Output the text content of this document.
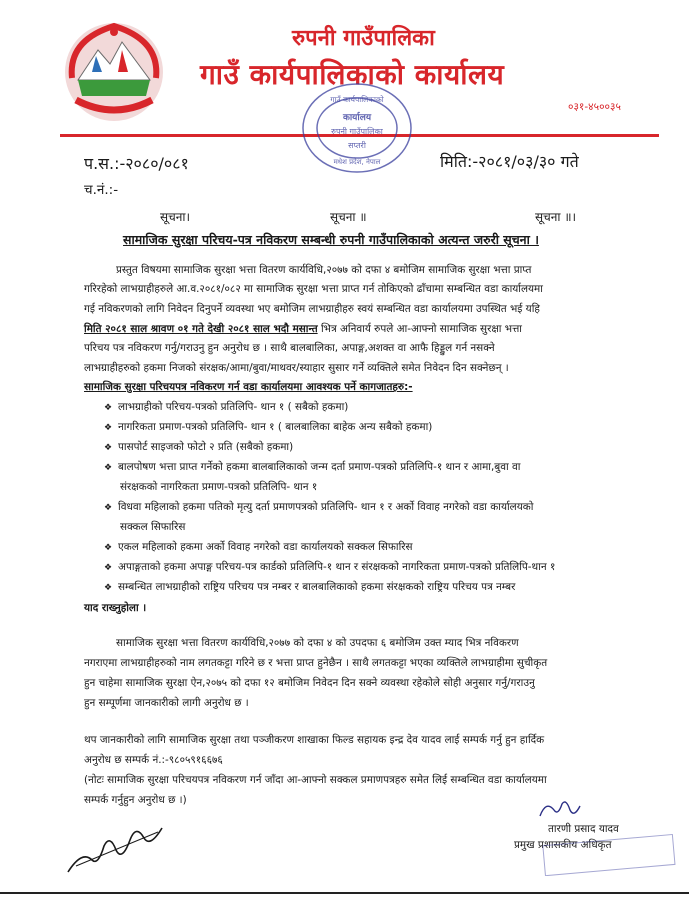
रुपनी गाउँपालिका
गाउँ कार्यपालिकाको कार्यालय
०३१-४५००३५
गाउँ कार्यपालिकाको
कार्यालय
रुपनी गाउँपालिका
सप्तरी
मधेश प्रदेश, नेपाल
प.स.:-२०८०/०८१	मिति:-२०८१/०३/३० गते
च.नं.:-
सूचना।	सूचना ॥	सूचना ॥।
सामाजिक सुरक्षा परिचय-पत्र नविकरण सम्बन्धी रुपनी गाउँपालिकाको अत्यन्त जरुरी सूचना ।
प्रस्तुत विषयमा सामाजिक सुरक्षा भत्ता वितरण कार्यविधि,२०७७ को दफा ४ बमोजिम सामाजिक सुरक्षा भत्ता प्राप्त
गरिरहेको लाभग्राहीहरुले आ.व.२०८१/०८२ मा सामाजिक सुरक्षा भत्ता प्राप्त गर्न तोकिएको ढाँचामा सम्बन्धित वडा कार्यालयमा
गई नविकरणको लागि निवेदन दिनुपर्ने व्यवस्था भए बमोजिम लाभग्राहीहरु स्वयं सम्बन्धित वडा कार्यालयमा उपस्थित भई यहि
मिति २०८१ साल श्रावण ०१ गते देखी २०८१ साल भदौ मसान्त भित्र अनिवार्य रुपले आ-आफ्नो सामाजिक सुरक्षा भत्ता
परिचय पत्र नविकरण गर्नु/गराउनु हुन अनुरोध छ । साथै बालबालिका, अपाङ्ग,अशक्त वा आफै हिड्डुल गर्न नसक्ने
लाभग्राहीहरुको हकमा निजको संरक्षक/आमा/बुवा/माथवर/स्याहार सुसार गर्ने व्यक्तिले समेत निवेदन दिन सक्नेछन् ।
सामाजिक सुरक्षा परिचयपत्र नविकरण गर्न वडा कार्यालयमा आवश्यक पर्ने कागजातहरु:-
❖ लाभग्राहीको परिचय-पत्रको प्रतिलिपि- थान १ ( सबैको हकमा)
❖ नागरिकता प्रमाण-पत्रको प्रतिलिपि- थान १ ( बालबालिका बाहेक अन्य सबैको हकमा)
❖ पासपोर्ट साइजको फोटो २ प्रति (सबैको हकमा)
❖ बालपोषण भत्ता प्राप्त गर्नेको हकमा बालबालिकाको जन्म दर्ता प्रमाण-पत्रको प्रतिलिपि-१ थान र आमा,बुवा वा
संरक्षकको नागरिकता प्रमाण-पत्रको प्रतिलिपि- थान १
❖ विधवा महिलाको हकमा पतिको मृत्यु दर्ता प्रमाणपत्रको प्रतिलिपि- थान १ र अर्को विवाह नगरेको वडा कार्यालयको
सक्कल सिफारिस
❖ एकल महिलाको हकमा अर्को विवाह नगरेको वडा कार्यालयको सक्कल सिफारिस
❖ अपाङ्गताको हकमा अपाङ्ग परिचय-पत्र कार्डको प्रतिलिपि-१ थान र संरक्षकको नागरिकता प्रमाण-पत्रको प्रतिलिपि-थान १
❖ सम्बन्धित लाभग्राहीको राष्ट्रिय परिचय पत्र नम्बर र बालबालिकाको हकमा संरक्षकको राष्ट्रिय परिचय पत्र नम्बर
याद राख्नुहोला ।
सामाजिक सुरक्षा भत्ता वितरण कार्यविधि,२०७७ को दफा ४ को उपदफा ६ बमोजिम उक्त म्याद भित्र नविकरण
नगराएमा लाभग्राहीहरुको नाम लगतकट्टा गरिने छ र भत्ता प्राप्त हुनेछैन । साथै लगतकट्टा भएका व्यक्तिले लाभग्राहीमा सुचीकृत
हुन चाहेमा सामाजिक सुरक्षा ऐन,२०७५ को दफा १२ बमोजिम निवेदन दिन सक्ने व्यवस्था रहेकोले सोही अनुसार गर्नु/गराउनु
हुन सम्पूर्णमा जानकारीको लागी अनुरोध छ ।
थप जानकारीको लागि सामाजिक सुरक्षा तथा पञ्जीकरण शाखाका फिल्ड सहायक इन्द्र देव यादव लाई सम्पर्क गर्नु हुन हार्दिक
अनुरोध छ सम्पर्क नं.:-९८०५९१६६७६
(नोटः सामाजिक सुरक्षा परिचयपत्र नविकरण गर्न जाँदा आ-आफ्नो सक्कल प्रमाणपत्रहरु समेत लिई सम्बन्धित वडा कार्यालयमा
सम्पर्क गर्नुहुन अनुरोध छ ।)
तारणी प्रसाद यादव
प्रमुख प्रशासकीय अधिकृत
